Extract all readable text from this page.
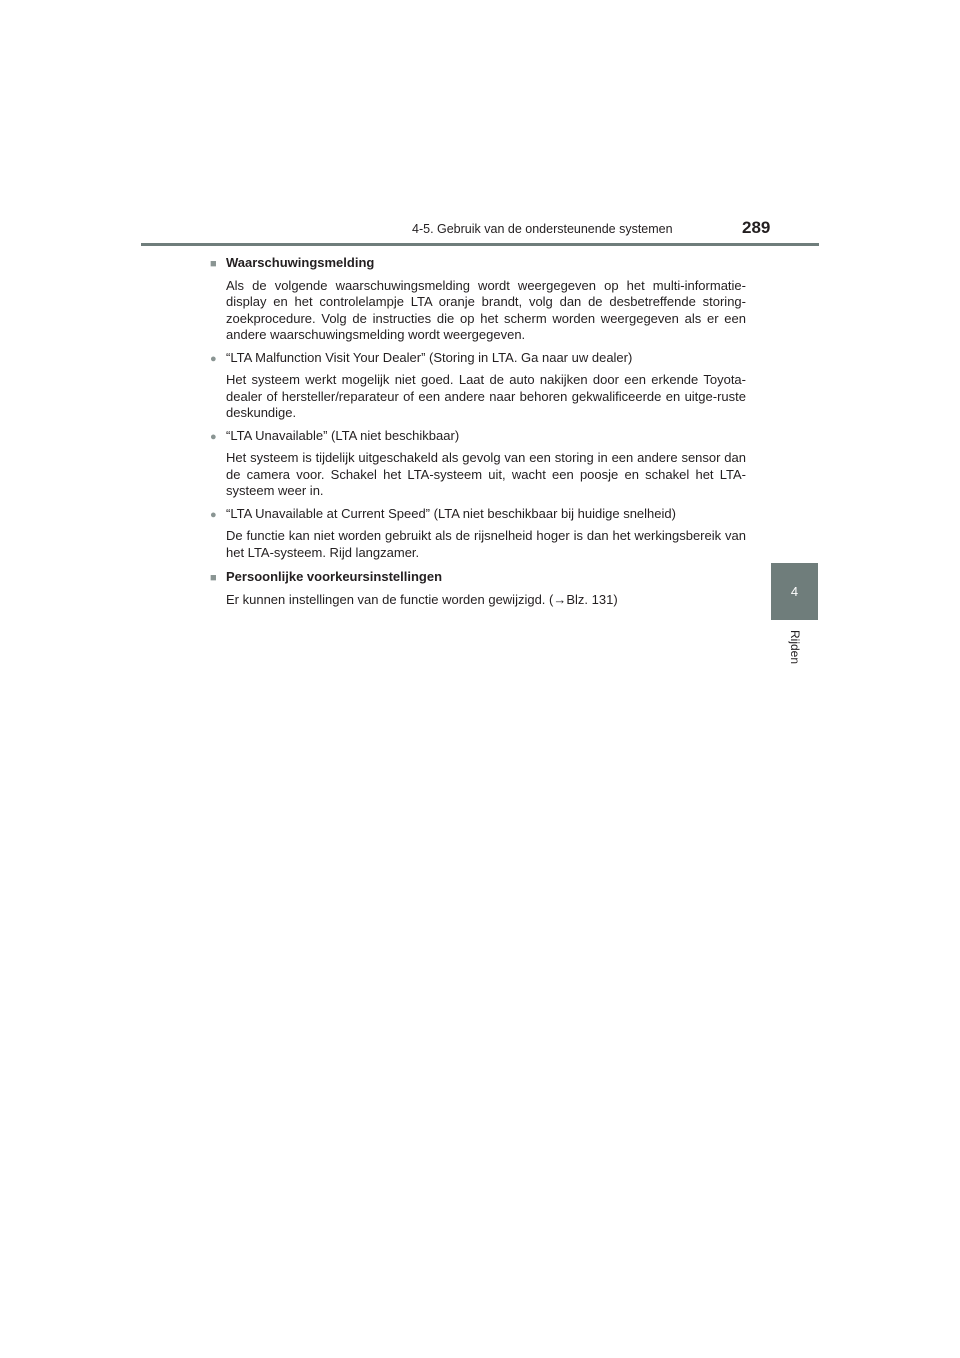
4-5. Gebruik van de ondersteunende systemen	289
4
Rijden
■ Waarschuwingsmelding

Als de volgende waarschuwingsmelding wordt weergegeven op het multi-informatie-display en het controlelampje LTA oranje brandt, volg dan de desbetreffende storing-zoekprocedure. Volg de instructies die op het scherm worden weergegeven als er een andere waarschuwingsmelding wordt weergegeven.

● “LTA Malfunction Visit Your Dealer” (Storing in LTA. Ga naar uw dealer)

Het systeem werkt mogelijk niet goed. Laat de auto nakijken door een erkende Toyota-dealer of hersteller/reparateur of een andere naar behoren gekwalificeerde en uitge-ruste deskundige.

● “LTA Unavailable” (LTA niet beschikbaar)

Het systeem is tijdelijk uitgeschakeld als gevolg van een storing in een andere sensor dan de camera voor. Schakel het LTA-systeem uit, wacht een poosje en schakel het LTA-systeem weer in.

● “LTA Unavailable at Current Speed” (LTA niet beschikbaar bij huidige snelheid)

De functie kan niet worden gebruikt als de rijsnelheid hoger is dan het werkingsbereik van het LTA-systeem. Rijd langzamer.

■ Persoonlijke voorkeursinstellingen

Er kunnen instellingen van de functie worden gewijzigd. (→Blz. 131)
